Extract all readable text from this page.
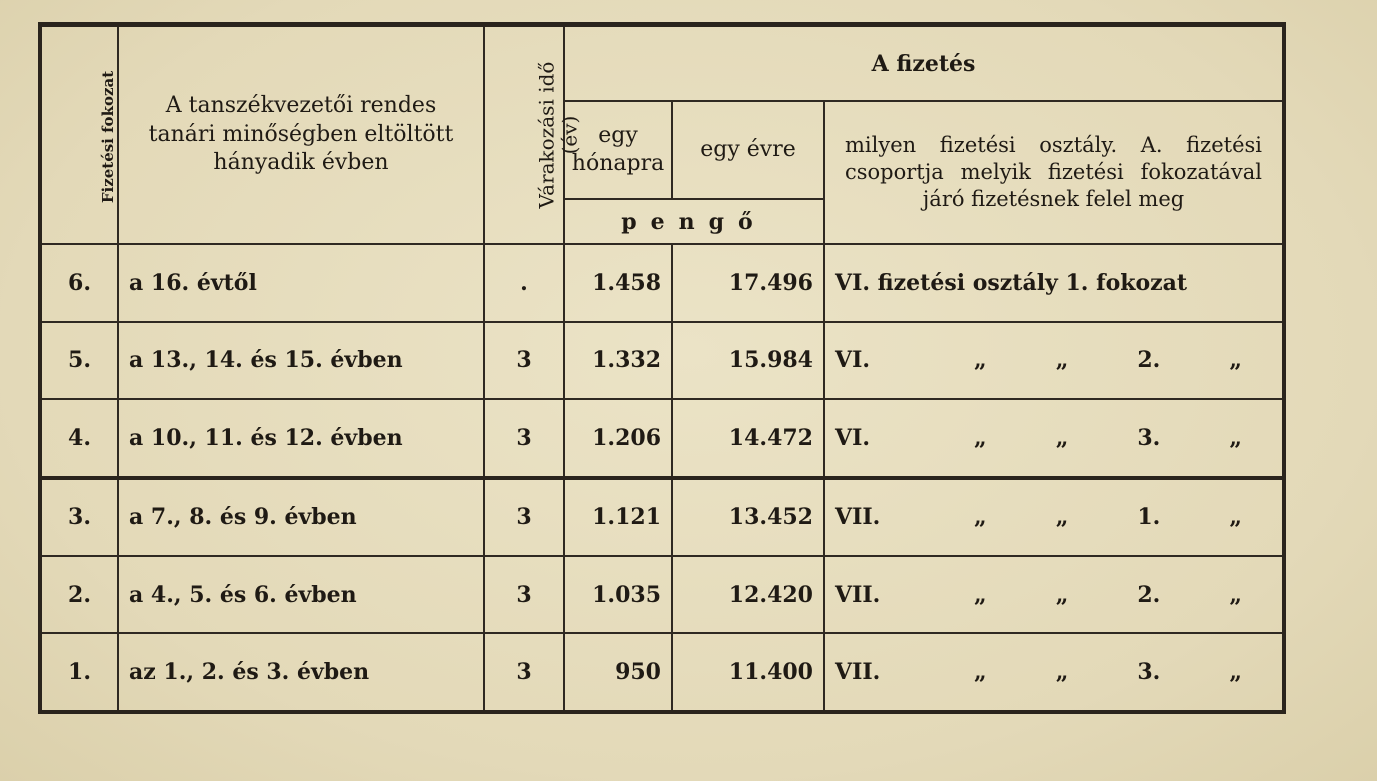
Fizetési fokozat	A tanszékvezetői rendes tanári minőségben eltöltött hányadik évben	Várakozási idő (év)	A fizetés		
			egy hónapra	egy évre	milyen fizetési osztály. A. fizetési csoportja melyik fizetési fokozatával járó fizetésnek felel meg

			pengő		
6.	a 16. évtől	.	1.458	17.496	VI. fizetési osztály 1. fokozat
5.	a 13., 14. és 15. évben	3	1.332	15.984	VI. „ „ 2. „

4.	a 10., 11. és 12. évben	3	1.206	14.472	VI. „ „ 3. „

3.	a 7., 8. és 9. évben	3	1.121	13.452	VII. „ „ 1. „

2.	a 4., 5. és 6. évben	3	1.035	12.420	VII. „ „ 2. „

1.	az 1., 2. és 3. évben	3	950	11.400	VII. „ „ 3. „
